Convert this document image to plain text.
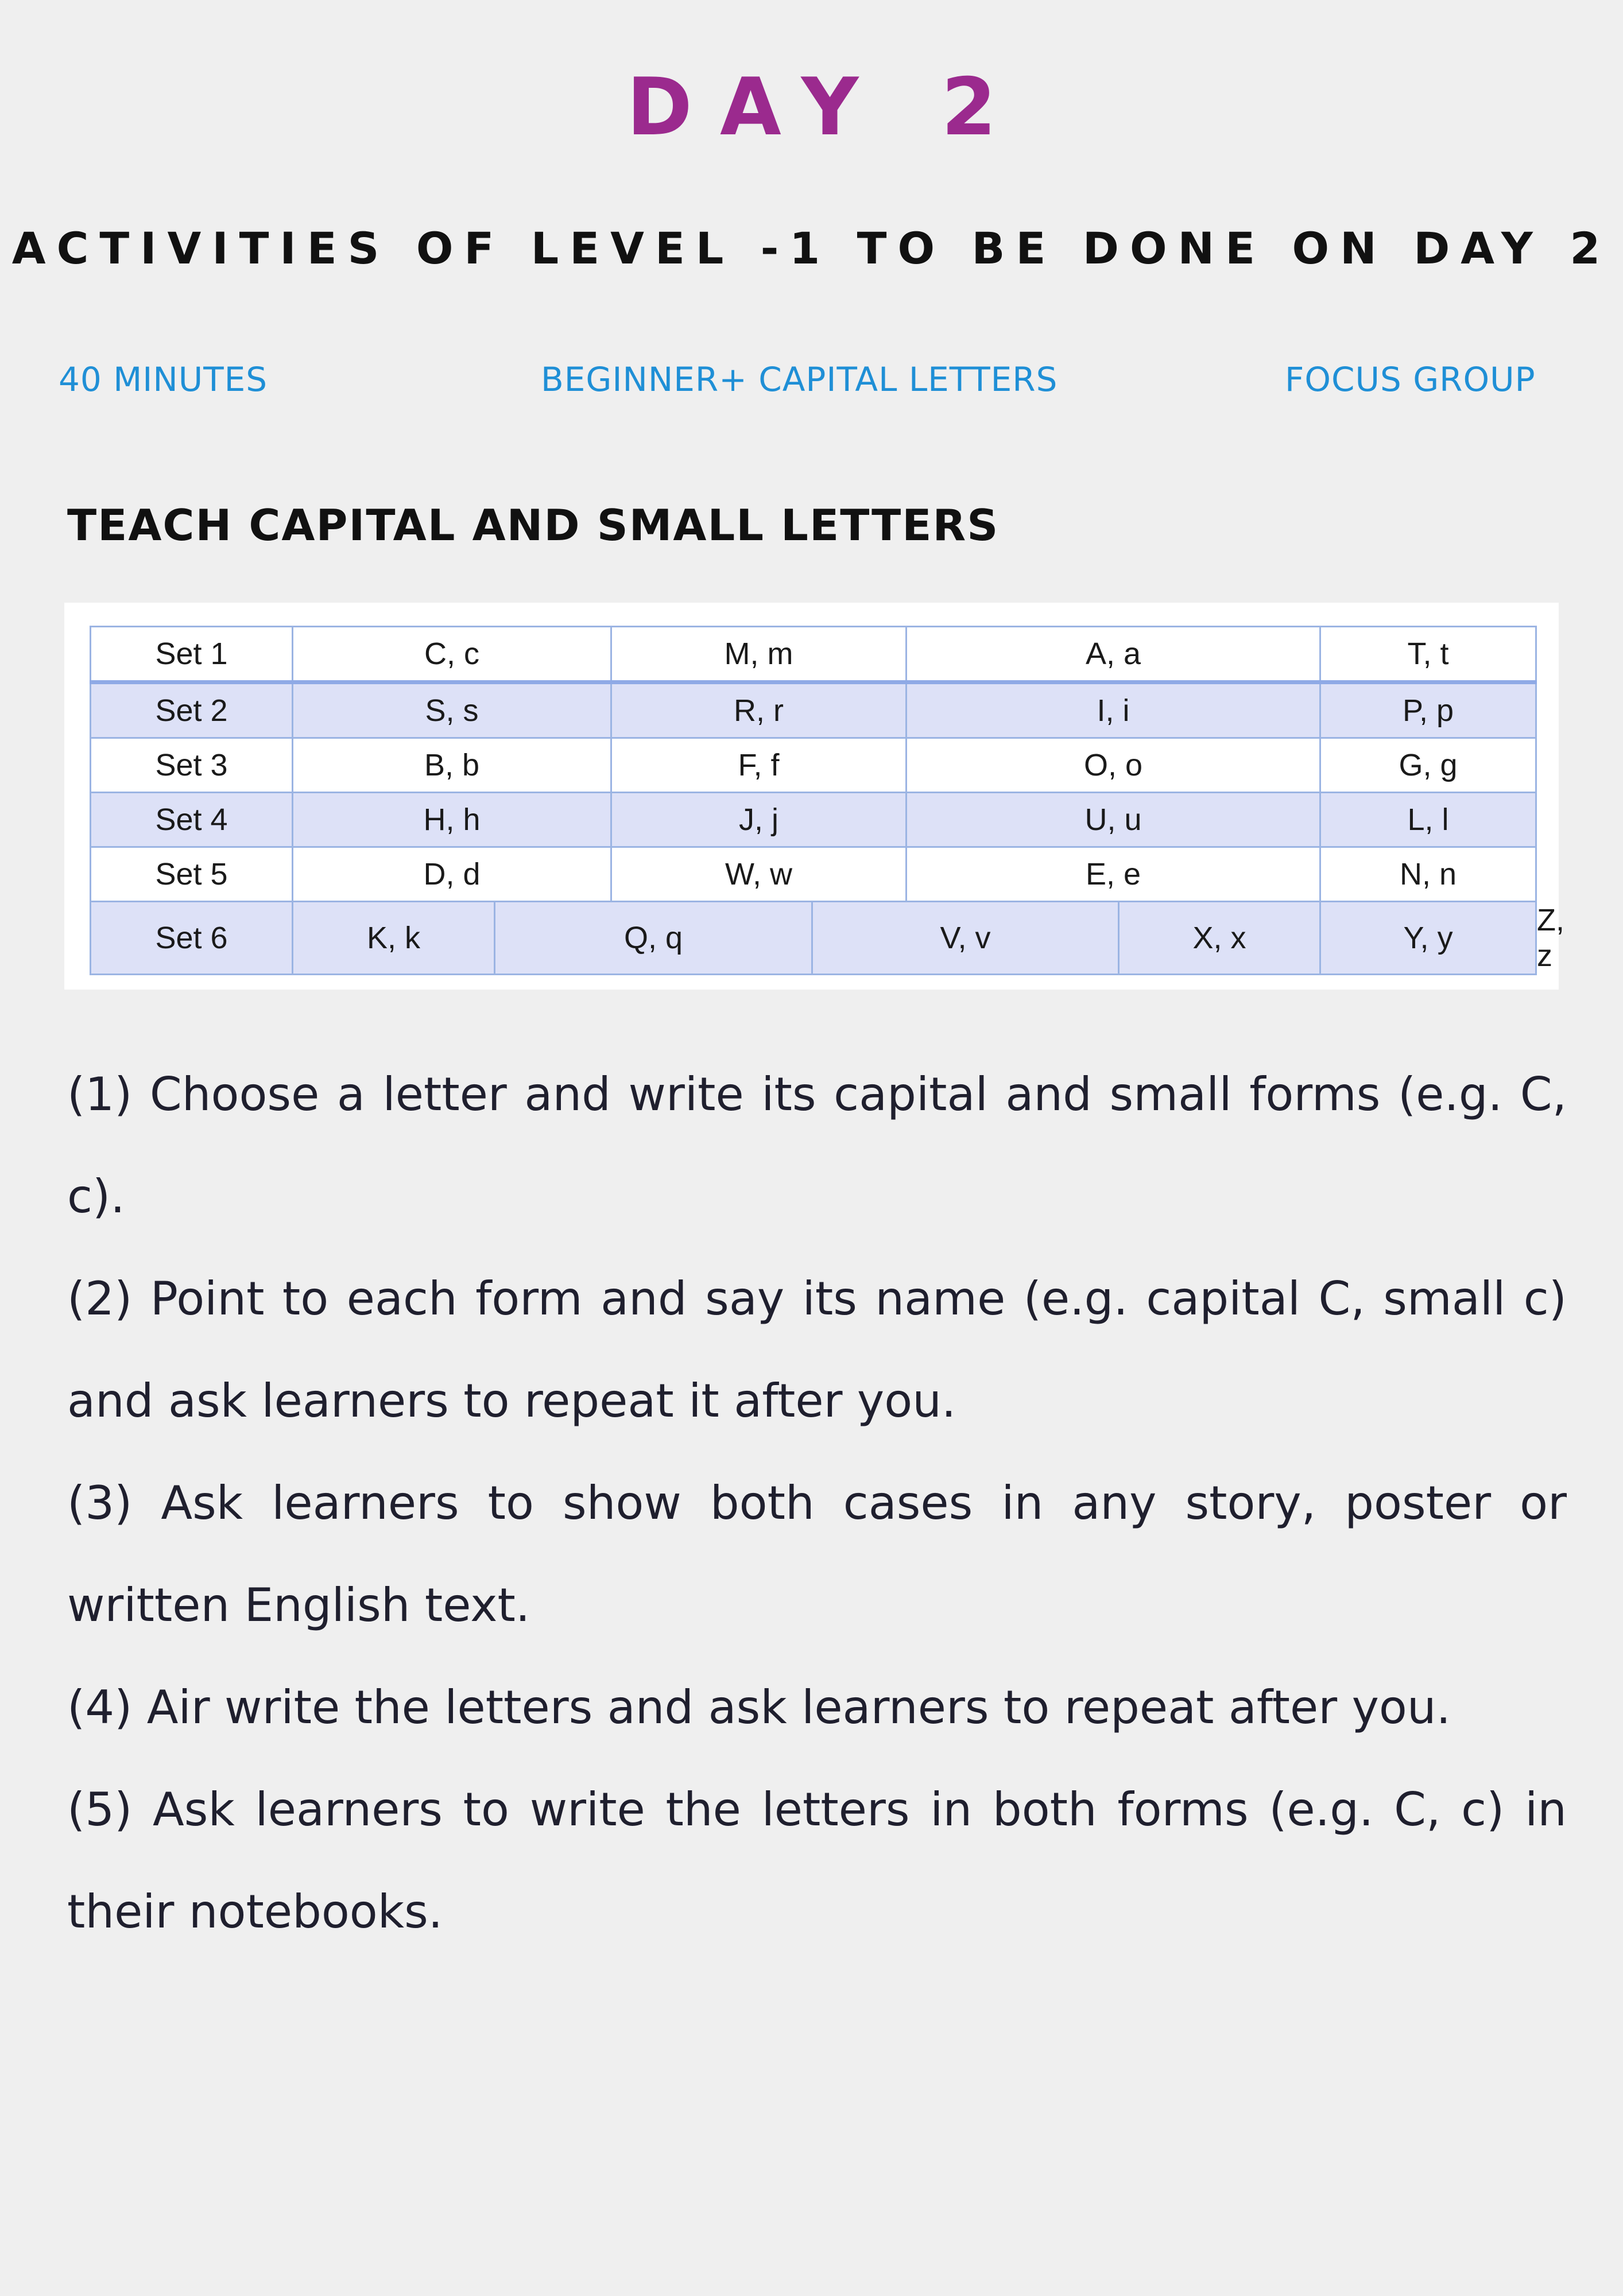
DAY 2
ACTIVITIES OF LEVEL -1 TO BE DONE ON DAY 2
40 MINUTES	BEGINNER+ CAPITAL LETTERS	FOCUS GROUP
TEACH CAPITAL AND SMALL LETTERS
Set 1	C, c		M, m		A, a		T, t	
Set 2	S, s		R, r		I, i		P, p	
Set 3	B, b		F, f		O, o		G, g	
Set 4	H, h		J, j		U, u		L, l	
Set 5	D, d		W, w		E, e		N, n	
Set 6	K, k	Q, q		V, v		X, x	Y, y	Z, z

(1) Choose a letter and write its capital and small forms (e.g. C, c).

(2) Point to each form and say its name (e.g. capital C, small c) and ask learners to repeat it after you.

(3) Ask learners to show both cases in any story, poster or written English text.

(4) Air write the letters and ask learners to repeat after you.

(5) Ask learners to write the letters in both forms (e.g. C, c) in their notebooks.
